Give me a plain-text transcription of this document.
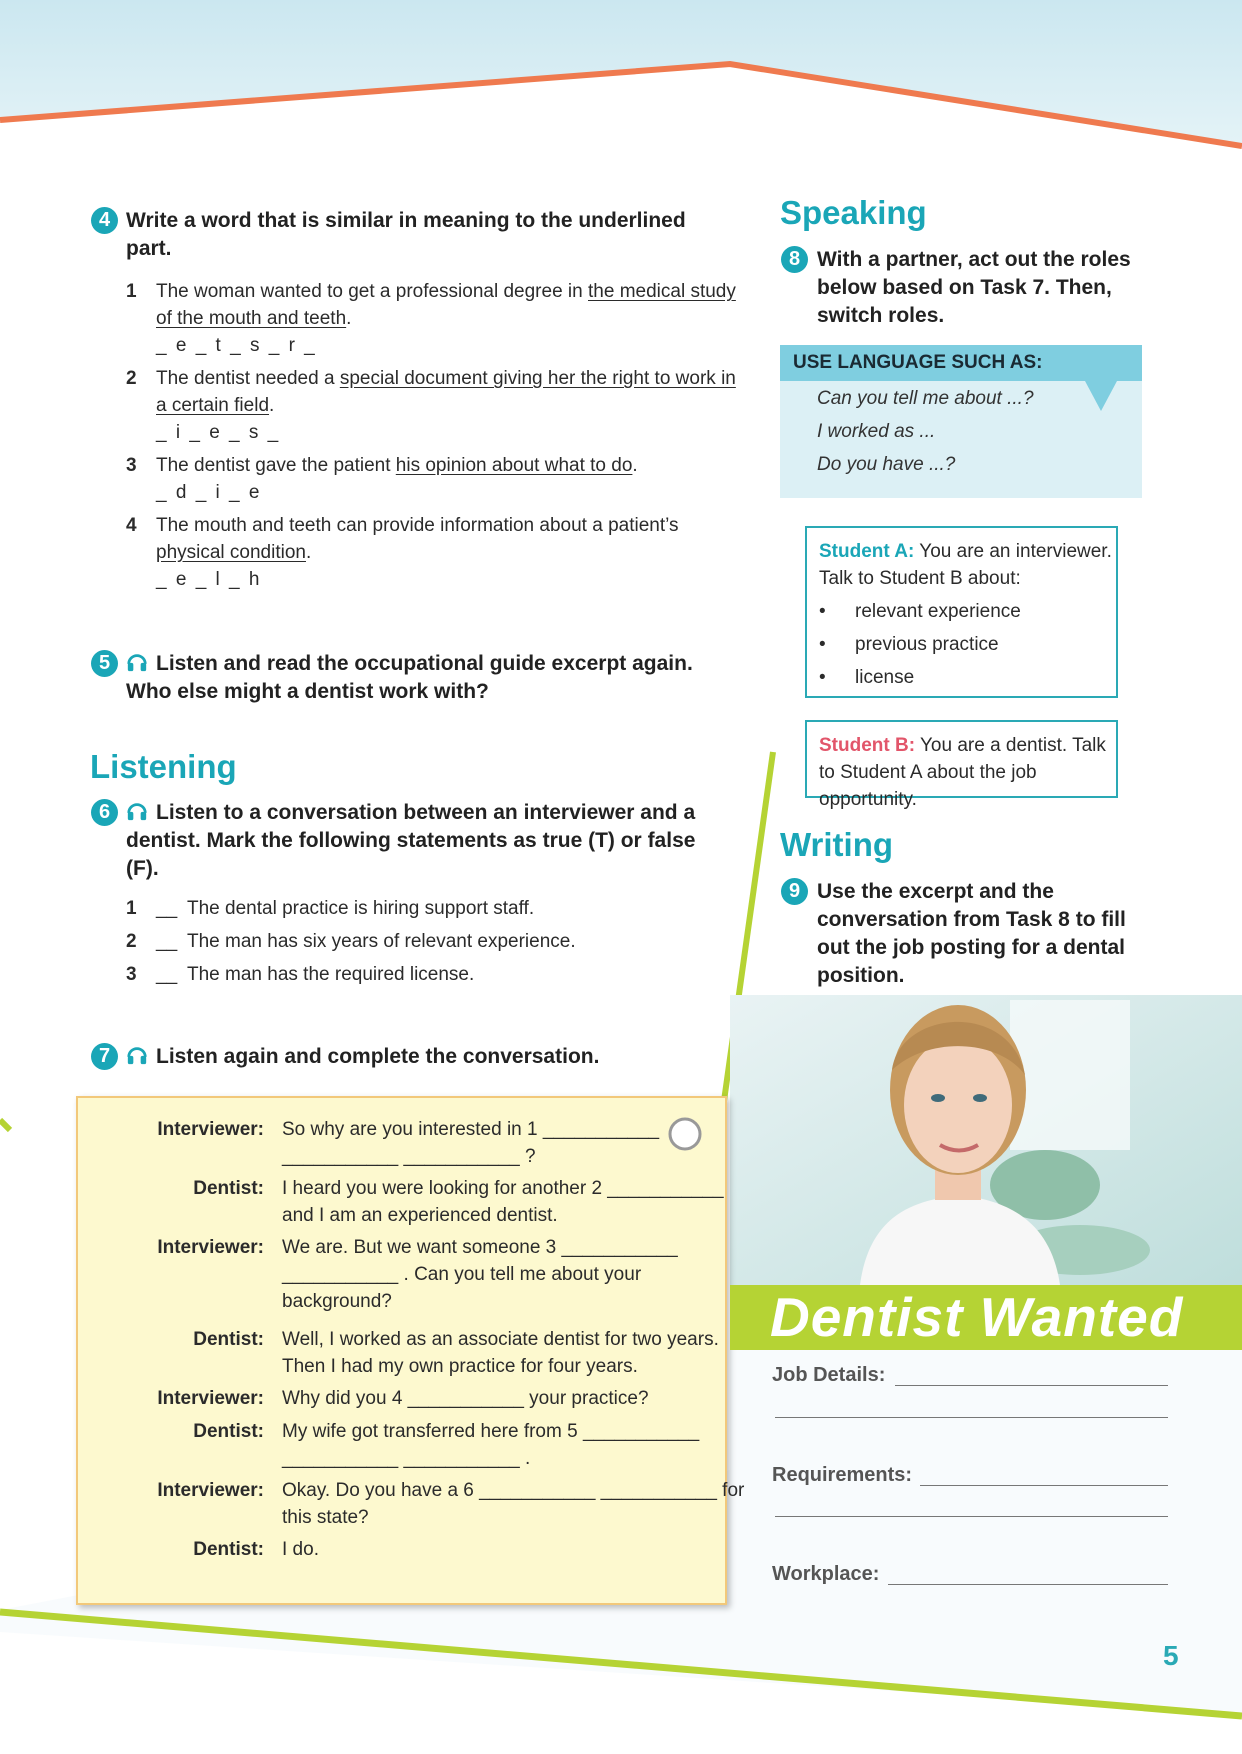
4 Write a word that is similar in meaning to the underlined part.
1 The woman wanted to get a professional degree in the medical study of the mouth and teeth.
_ e _ t _ s _ r _
2 The dentist needed a special document giving her the right to work in a certain field.
_ i _ e _ s _
3 The dentist gave the patient his opinion about what to do.
_ d _ i _ e
4 The mouth and teeth can provide information about a patient’s physical condition.
_ e _ l _ h
5	Listen and read the occupational guide excerpt again. Who else might a dentist work with?
Listening
6	Listen to a conversation between an interviewer and a dentist. Mark the following statements as true (T) or false (F).
1 __ The dental practice is hiring support staff.
2 __ The man has six years of relevant experience.
3 __ The man has the required license.
7	Listen again and complete the conversation.
Interviewer: So why are you interested in 1 ___________
___________ ___________ ?
Dentist: I heard you were looking for another 2 ___________
and I am an experienced dentist.
Interviewer: We are. But we want someone 3 ___________
___________ . Can you tell me about your
background?
Dentist: Well, I worked as an associate dentist for two years.
Then I had my own practice for four years.
Interviewer: Why did you 4 ___________ your practice?
Dentist: My wife got transferred here from 5 ___________
___________ ___________ .
Interviewer: Okay. Do you have a 6 ___________ ___________ for
this state?
Dentist: I do.
Speaking
8 With a partner, act out the roles below based on Task 7. Then, switch roles.
USE LANGUAGE SUCH AS:
Can you tell me about ...?
I worked as ...
Do you have ...?
Student A: You are an interviewer. Talk to Student B about:
• relevant experience
• previous practice
• license
Student B: You are a dentist. Talk to Student A about the job opportunity.
Writing
9 Use the excerpt and the conversation from Task 8 to fill out the job posting for a dental position.
Dentist Wanted
Job Details:
Requirements:
Workplace:
5
